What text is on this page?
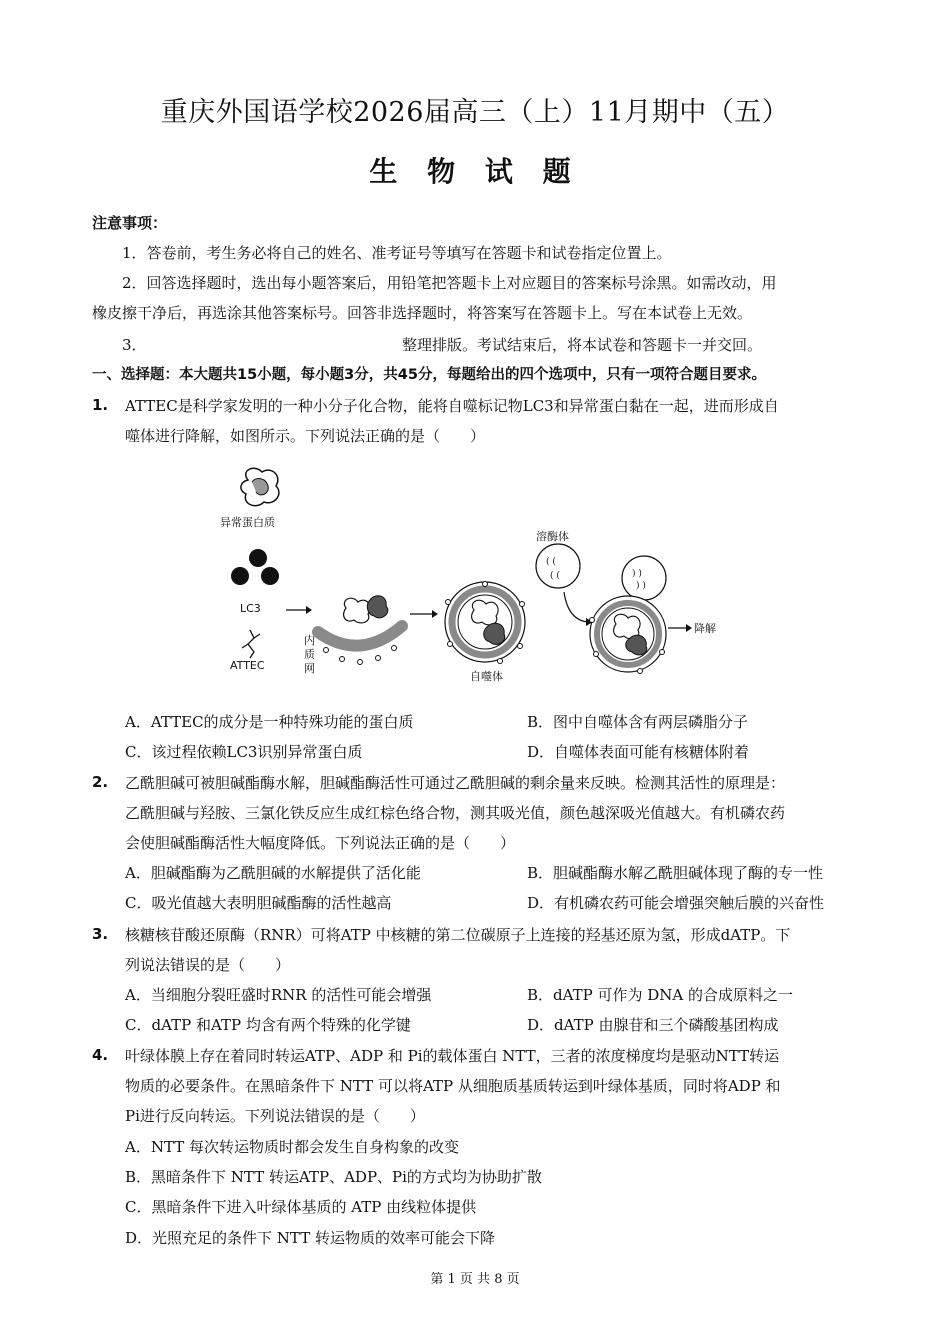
重庆外国语学校2026届高三（上）11月期中（五）
生 物 试 题
注意事项：
1．答卷前，考生务必将自己的姓名、准考证号等填写在答题卡和试卷指定位置上。
2．回答选择题时，选出每小题答案后，用铅笔把答题卡上对应题目的答案标号涂黑。如需改动，用
橡皮擦干净后，再选涂其他答案标号。回答非选择题时，将答案写在答题卡上。写在本试卷上无效。
3．	整理排版。考试结束后，将本试卷和答题卡一并交回。
一、选择题：本大题共15小题，每小题3分，共45分，每题给出的四个选项中，只有一项符合题目要求。
1. ATTEC是科学家发明的一种小分子化合物，能将自噬标记物LC3和异常蛋白黏在一起，进而形成自
噬体进行降解，如图所示。下列说法正确的是（　　）
异常蛋白质
LC3
ATTEC
内
质
网
自噬体
( (
( (
溶酶体
) )
) )
降解
A．ATTEC的成分是一种特殊功能的蛋白质	B．图中自噬体含有两层磷脂分子
C．该过程依赖LC3识别异常蛋白质	D．自噬体表面可能有核糖体附着
2. 乙酰胆碱可被胆碱酯酶水解，胆碱酯酶活性可通过乙酰胆碱的剩余量来反映。检测其活性的原理是：
乙酰胆碱与羟胺、三氯化铁反应生成红棕色络合物，测其吸光值，颜色越深吸光值越大。有机磷农药
会使胆碱酯酶活性大幅度降低。下列说法正确的是（　　）
A．胆碱酯酶为乙酰胆碱的水解提供了活化能	B．胆碱酯酶水解乙酰胆碱体现了酶的专一性
C．吸光值越大表明胆碱酯酶的活性越高	D．有机磷农药可能会增强突触后膜的兴奋性
3. 核糖核苷酸还原酶（RNR）可将ATP 中核糖的第二位碳原子上连接的羟基还原为氢，形成dATP。下
列说法错误的是（　　）
A．当细胞分裂旺盛时RNR 的活性可能会增强	B．dATP 可作为 DNA 的合成原料之一
C．dATP 和ATP 均含有两个特殊的化学键	D．dATP 由腺苷和三个磷酸基团构成
4. 叶绿体膜上存在着同时转运ATP、ADP 和 Pi的载体蛋白 NTT，三者的浓度梯度均是驱动NTT转运
物质的必要条件。在黑暗条件下 NTT 可以将ATP 从细胞质基质转运到叶绿体基质，同时将ADP 和
Pi进行反向转运。下列说法错误的是（　　）
A．NTT 每次转运物质时都会发生自身构象的改变
B．黑暗条件下 NTT 转运ATP、ADP、Pi的方式均为协助扩散
C．黑暗条件下进入叶绿体基质的 ATP 由线粒体提供
D．光照充足的条件下 NTT 转运物质的效率可能会下降
第 1 页 共 8 页
